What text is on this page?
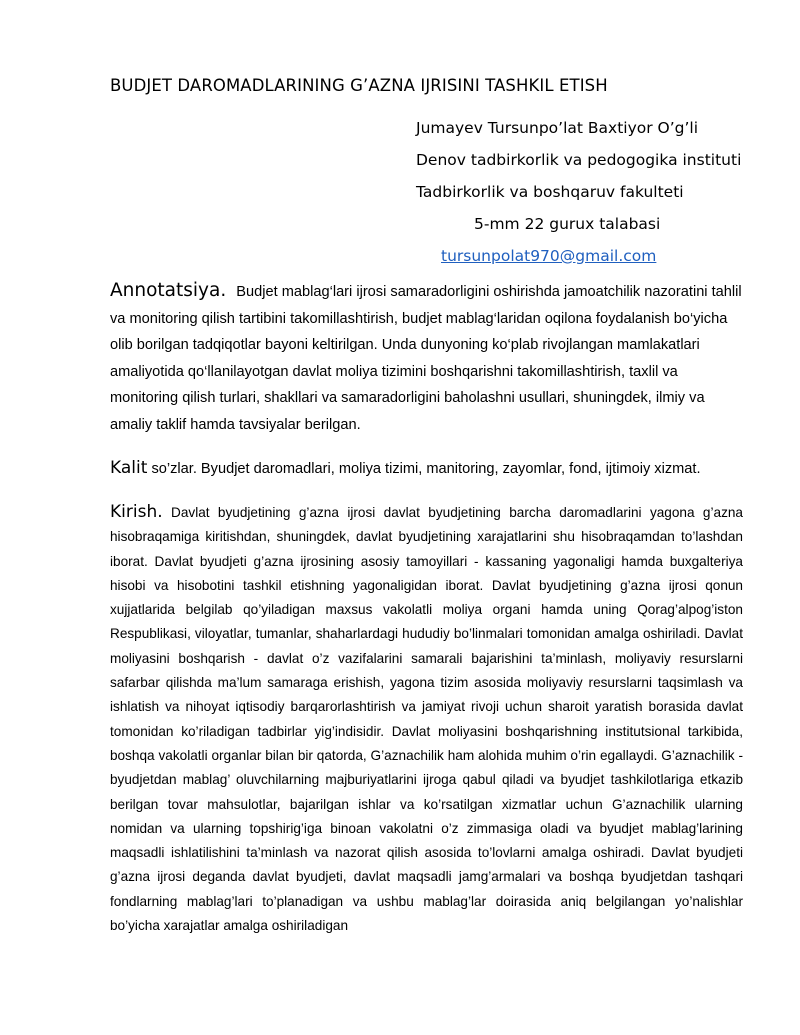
BUDJET DAROMADLARINING G’AZNA IJRISINI TASHKIL ETISH
Jumayev Tursunpo’lat Baxtiyor O’g’li
Denov tadbirkorlik va pedogogika instituti
Tadbirkorlik va boshqaruv fakulteti
5-mm 22 gurux talabasi
tursunpolat970@gmail.com
Annotatsiya. Budjet mablag‘lari ijrosi samaradorligini oshirishda jamoatchilik nazoratini tahlil va monitoring qilish tartibini takomillashtirish, budjet mablag‘laridan oqilona foydalanish bo‘yicha olib borilgan tadqiqotlar bayoni keltirilgan. Unda dunyoning ko‘plab rivojlangan mamlakatlari amaliyotida qo‘llanilayotgan davlat moliya tizimini boshqarishni takomillashtirish, taxlil va monitoring qilish turlari, shakllari va samaradorligini baholashni usullari, shuningdek, ilmiy va amaliy taklif hamda tavsiyalar berilgan.
Kalit so’zlar. Byudjet daromadlari, moliya tizimi, manitoring, zayomlar, fond, ijtimoiy xizmat.
Kirish. Davlat byudjetining g’azna ijrosi davlat byudjetining barcha daromadlarini yagona g’azna hisobraqamiga kiritishdan, shuningdek, davlat byudjetining xarajatlarini shu hisobraqamdan to’lashdan iborat. Davlat byudjeti g’azna ijrosining asosiy tamoyillari - kassaning yagonaligi hamda buxgalteriya hisobi va hisobotini tashkil etishning yagonaligidan iborat. Davlat byudjetining g’azna ijrosi qonun xujjatlarida belgilab qo’yiladigan maxsus vakolatli moliya organi hamda uning Qorag’alpog’iston Respublikasi, viloyatlar, tumanlar, shaharlardagi hududiy bo’linmalari tomonidan amalga oshiriladi. Davlat moliyasini boshqarish - davlat o’z vazifalarini samarali bajarishini ta’minlash, moliyaviy resurslarni safarbar qilishda ma’lum samaraga erishish, yagona tizim asosida moliyaviy resurslarni taqsimlash va ishlatish va nihoyat iqtisodiy barqarorlashtirish va jamiyat rivoji uchun sharoit yaratish borasida davlat tomonidan ko’riladigan tadbirlar yig’indisidir. Davlat moliyasini boshqarishning institutsional tarkibida, boshqa vakolatli organlar bilan bir qatorda, G’aznachilik ham alohida muhim o’rin egallaydi. G’aznachilik - byudjetdan mablag’ oluvchilarning majburiyatlarini ijroga qabul qiladi va byudjet tashkilotlariga etkazib berilgan tovar mahsulotlar, bajarilgan ishlar va ko’rsatilgan xizmatlar uchun G’aznachilik ularning nomidan va ularning topshirig’iga binoan vakolatni o’z zimmasiga oladi va byudjet mablag’larining maqsadli ishlatilishini ta’minlash va nazorat qilish asosida to’lovlarni amalga oshiradi. Davlat byudjeti g’azna ijrosi deganda davlat byudjeti, davlat maqsadli jamg’armalari va boshqa byudjetdan tashqari fondlarning mablag’lari to’planadigan va ushbu mablag’lar doirasida aniq belgilangan yo’nalishlar bo’yicha xarajatlar amalga oshiriladigan
